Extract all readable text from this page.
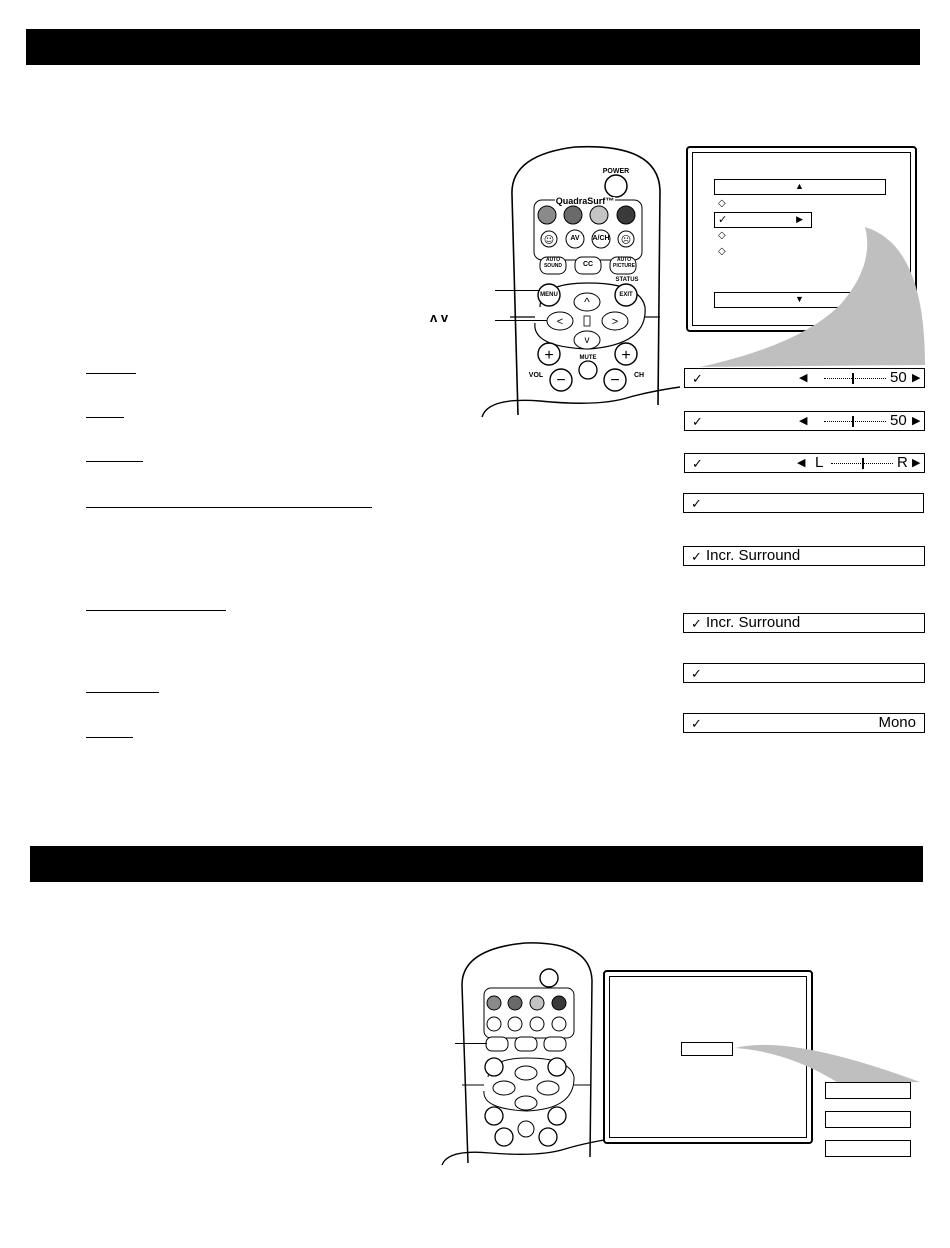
☺	☹
^
<	>
v
+
−
+
−
POWER
QuadraSurf™
AV	A/CH
AUTO SOUND	CC
AUTO PICTURE
STATUS
MENU	EXIT
MUTE
VOL	CH
ʌ v
▲
◇
✓	▶
◇
◇
▼
✓	◀	50 ▶
✓	◀	50 ▶
✓	◀ L	R ▶
✓
✓ Incr. Surround
✓ Incr. Surround
✓
✓	Mono
